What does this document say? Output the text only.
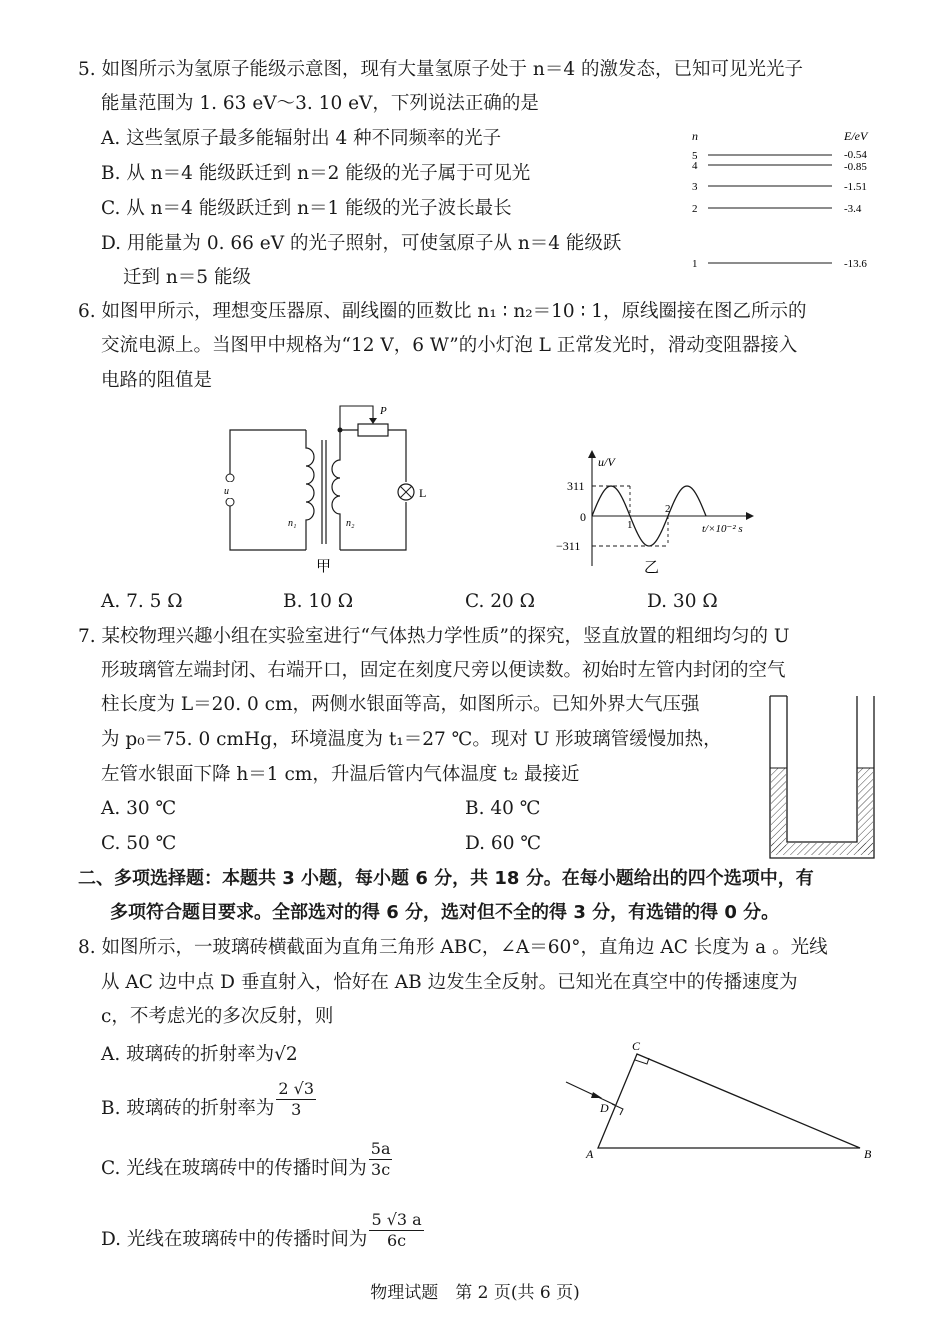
5. 如图所示为氢原子能级示意图，现有大量氢原子处于 n＝4 的激发态，已知可见光光子
能量范围为 1. 63 eV～3. 10 eV，下列说法正确的是
A. 这些氢原子最多能辐射出 4 种不同频率的光子
B. 从 n＝4 能级跃迁到 n＝2 能级的光子属于可见光
C. 从 n＝4 能级跃迁到 n＝1 能级的光子波长最长
D. 用能量为 0. 66 eV 的光子照射，可使氢原子从 n＝4 能级跃
迁到 n＝5 能级
n	E/eV
5
4
3
2
1
-0.54
-0.85
-1.51
-3.4
-13.6
6. 如图甲所示，理想变压器原、副线圈的匝数比 n₁ ∶ n₂＝10 ∶ 1，原线圈接在图乙所示的
交流电源上。当图甲中规格为“12 V，6 W”的小灯泡 L 正常发光时，滑动变阻器接入
电路的阻值是
u
n₁	n₂
P
L
甲
u/V
t/×10⁻² s
311
0
−311
1
2
乙
A. 7. 5 Ω	B. 10 Ω	C. 20 Ω	D. 30 Ω
7. 某校物理兴趣小组在实验室进行“气体热力学性质”的探究，竖直放置的粗细均匀的 U
形玻璃管左端封闭、右端开口，固定在刻度尺旁以便读数。初始时左管内封闭的空气
柱长度为 L＝20. 0 cm，两侧水银面等高，如图所示。已知外界大气压强
为 p₀＝75. 0 cmHg，环境温度为 t₁＝27 ℃。现对 U 形玻璃管缓慢加热，
左管水银面下降 h＝1 cm，升温后管内气体温度 t₂ 最接近
A. 30 ℃	B. 40 ℃
C. 50 ℃	D. 60 ℃
二、多项选择题：本题共 3 小题，每小题 6 分，共 18 分。在每小题给出的四个选项中，有
多项符合题目要求。全部选对的得 6 分，选对但不全的得 3 分，有选错的得 0 分。
8. 如图所示，一玻璃砖横截面为直角三角形 ABC，∠A＝60°，直角边 AC 长度为 a 。光线
从 AC 边中点 D 垂直射入，恰好在 AB 边发生全反射。已知光在真空中的传播速度为
c，不考虑光的多次反射，则
A. 玻璃砖的折射率为√2
B. 玻璃砖的折射率为 $\frac{2 √3}{3}$
C. 光线在玻璃砖中的传播时间为 $\frac{5a}{3c}$
D. 光线在玻璃砖中的传播时间为 $\frac{5 √3 a}{6c}$
C
D
A	B
物理试题　第 2 页(共 6 页)
